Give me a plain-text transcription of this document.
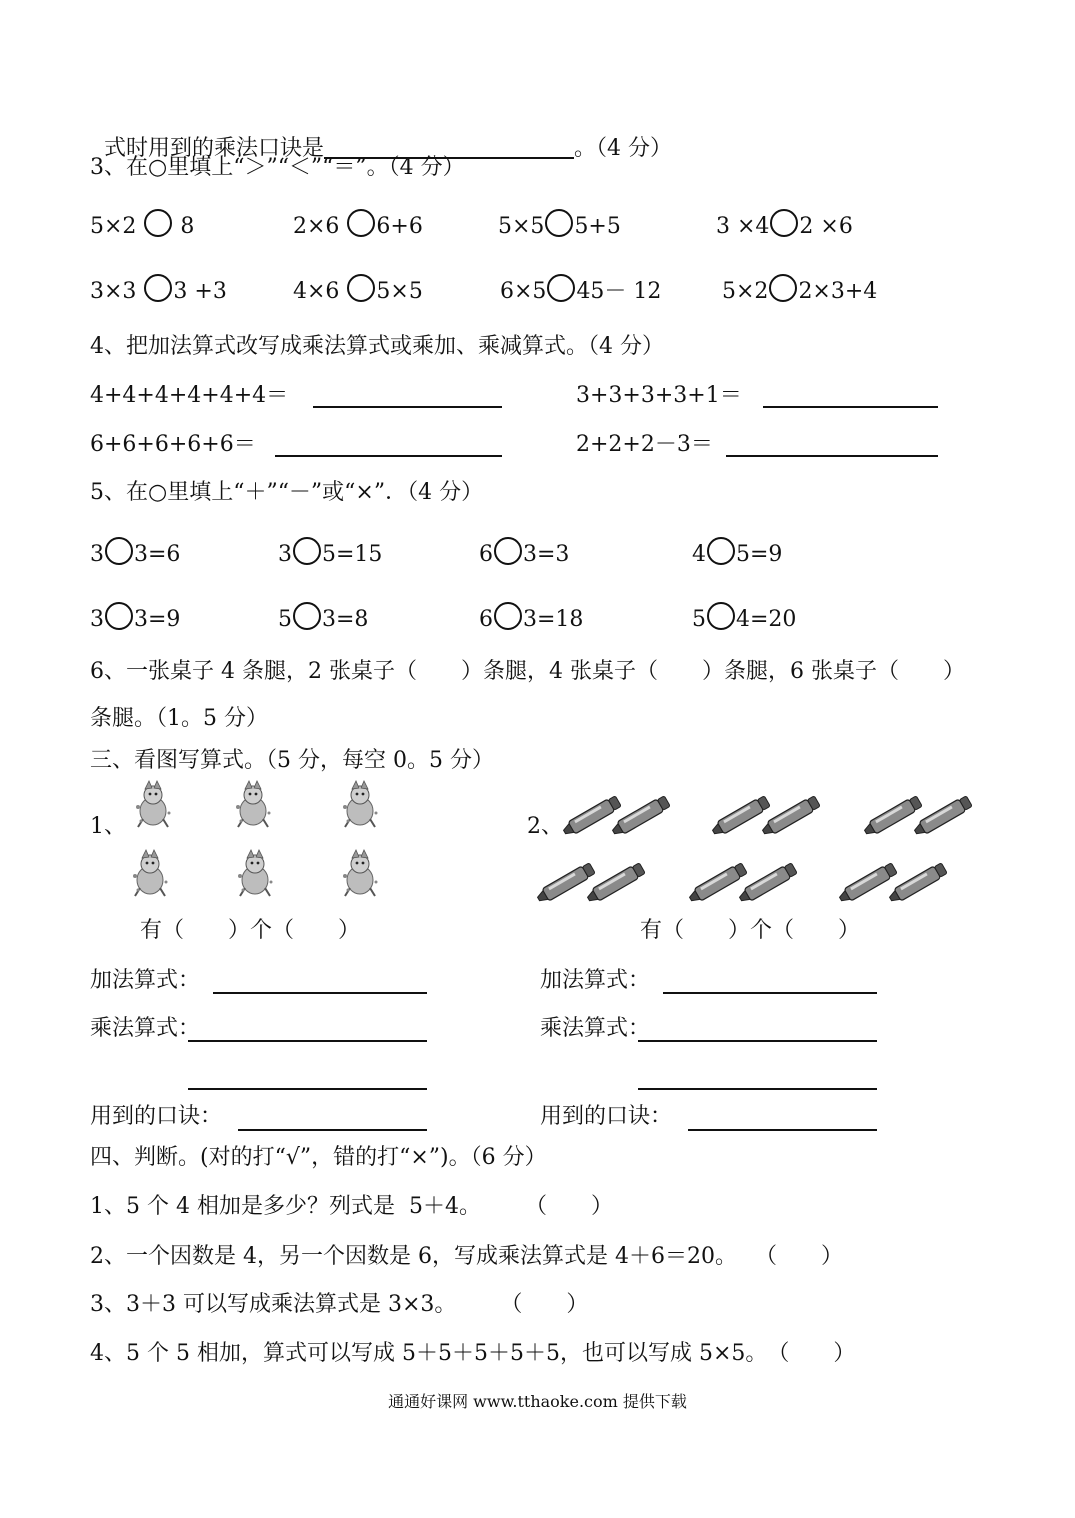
式时用到的乘法口诀是	。（4 分）

3、在○里填上“＞”“＜”“＝”。（4 分）
5×2  8	2×6 6+6	5×5 5+5	3 ×4 2 ×6
3×3 3 +3	4×6 5×5	6×5 45－ 12	5×2 2×3+4
4、把加法算式改写成乘法算式或乘加、乘减算式。（4 分）
4+4+4+4+4+4＝	3+3+3+3+1＝
6+6+6+6+6＝	2+2+2－3＝
5、在○里填上“＋”“－”或“×”．（4 分）
3 3=6	3 5=15	6 3=3	4 5=9
3 3=9	5 3=8	6 3=18	5 4=20
6、一张桌子 4 条腿，2 张桌子（　　）条腿，4 张桌子（　　）条腿，6 张桌子（　　）
条腿。（1。5 分）
三、看图写算式。（5 分，每空 0。5 分）
1、	2、
有（　　）个（　　）	有（　　）个（　　）
加法算式：
乘法算式：
用到的口诀：
加法算式：
乘法算式：
用到的口诀：
四、判断。(对的打“√”，错的打“×”)。（6 分）
1、5 个 4 相加是多少？列式是  5＋4。　　　（　　）
2、一个因数是 4，另一个因数是 6，写成乘法算式是 4＋6＝20。　 （　　）
3、3＋3 可以写成乘法算式是 3×3。　　　（　　）
4、5 个 5 相加，算式可以写成 5＋5＋5＋5＋5，也可以写成 5×5。　（　　）
通通好课网 www.tthaoke.com 提供下载
